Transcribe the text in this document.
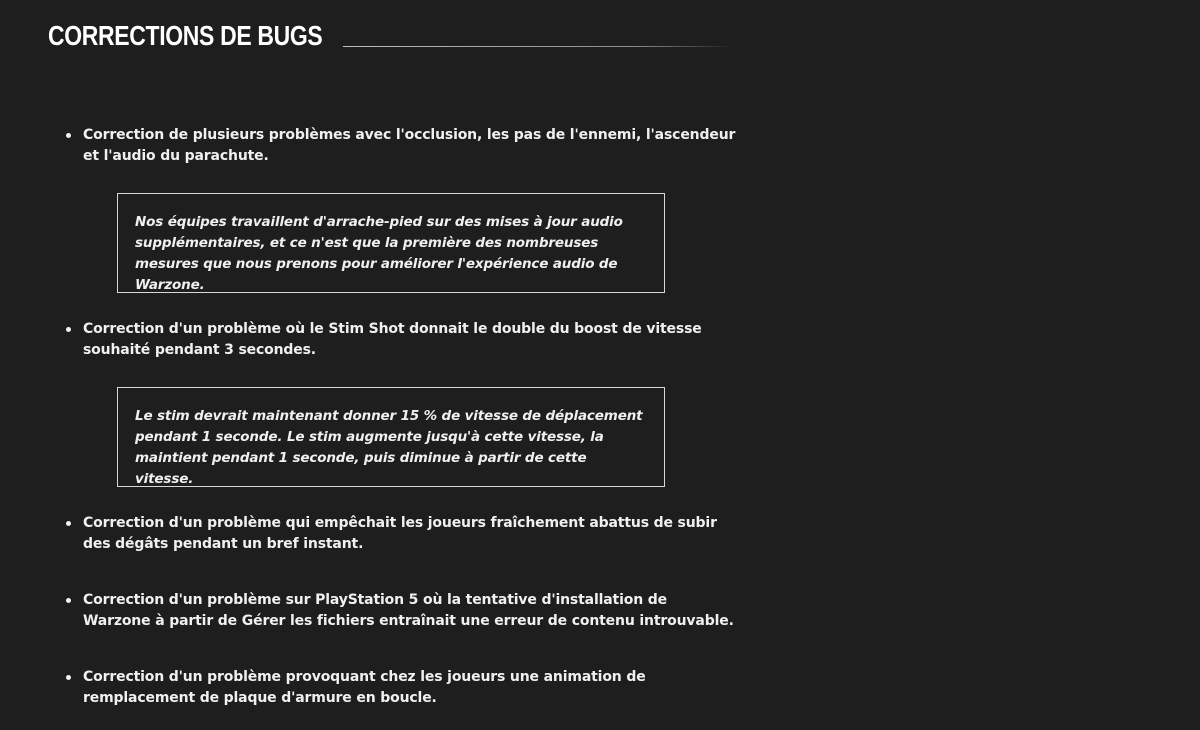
CORRECTIONS DE BUGS
Correction de plusieurs problèmes avec l'occlusion, les pas de l'ennemi, l'ascendeur et l'audio du parachute.
Nos équipes travaillent d'arrache-pied sur des mises à jour audio supplémentaires, et ce n'est que la première des nombreuses mesures que nous prenons pour améliorer l'expérience audio de Warzone.
Correction d'un problème où le Stim Shot donnait le double du boost de vitesse souhaité pendant 3 secondes.
Le stim devrait maintenant donner 15 % de vitesse de déplacement pendant 1 seconde. Le stim augmente jusqu'à cette vitesse, la maintient pendant 1 seconde, puis diminue à partir de cette vitesse.
Correction d'un problème qui empêchait les joueurs fraîchement abattus de subir des dégâts pendant un bref instant.
Correction d'un problème sur PlayStation 5 où la tentative d'installation de Warzone à partir de Gérer les fichiers entraînait une erreur de contenu introuvable.
Correction d'un problème provoquant chez les joueurs une animation de remplacement de plaque d'armure en boucle.
